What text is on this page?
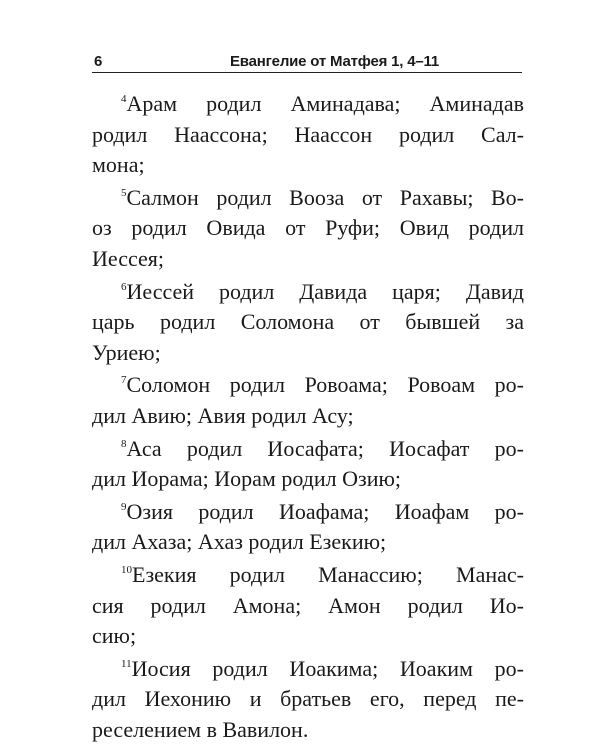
6	Евангелие от Матфея 1, 4–11
$^4$Арам родил Аминадава; Аминадав
родил Наассона; Наассон родил Сал-
мона;
$^5$Салмон родил Вооза от Рахавы; Во-
оз родил Овида от Руфи; Овид родил
Иессея;
$^6$Иессей родил Давида царя; Давид
царь родил Соломона от бывшей за
Уриею;
$^7$Соломон родил Ровоама; Ровоам ро-
дил Авию; Авия родил Асу;
$^8$Аса родил Иосафата; Иосафат ро-
дил Иорама; Иорам родил Озию;
$^9$Озия родил Иоафама; Иоафам ро-
дил Ахаза; Ахаз родил Езекию;
$^{10}$Езекия родил Манассию; Манас-
сия родил Амона; Амон родил Ио-
сию;
$^{11}$Иосия родил Иоакима; Иоаким ро-
дил Иехонию и братьев его, перед пе-
реселением в Вавилон.
